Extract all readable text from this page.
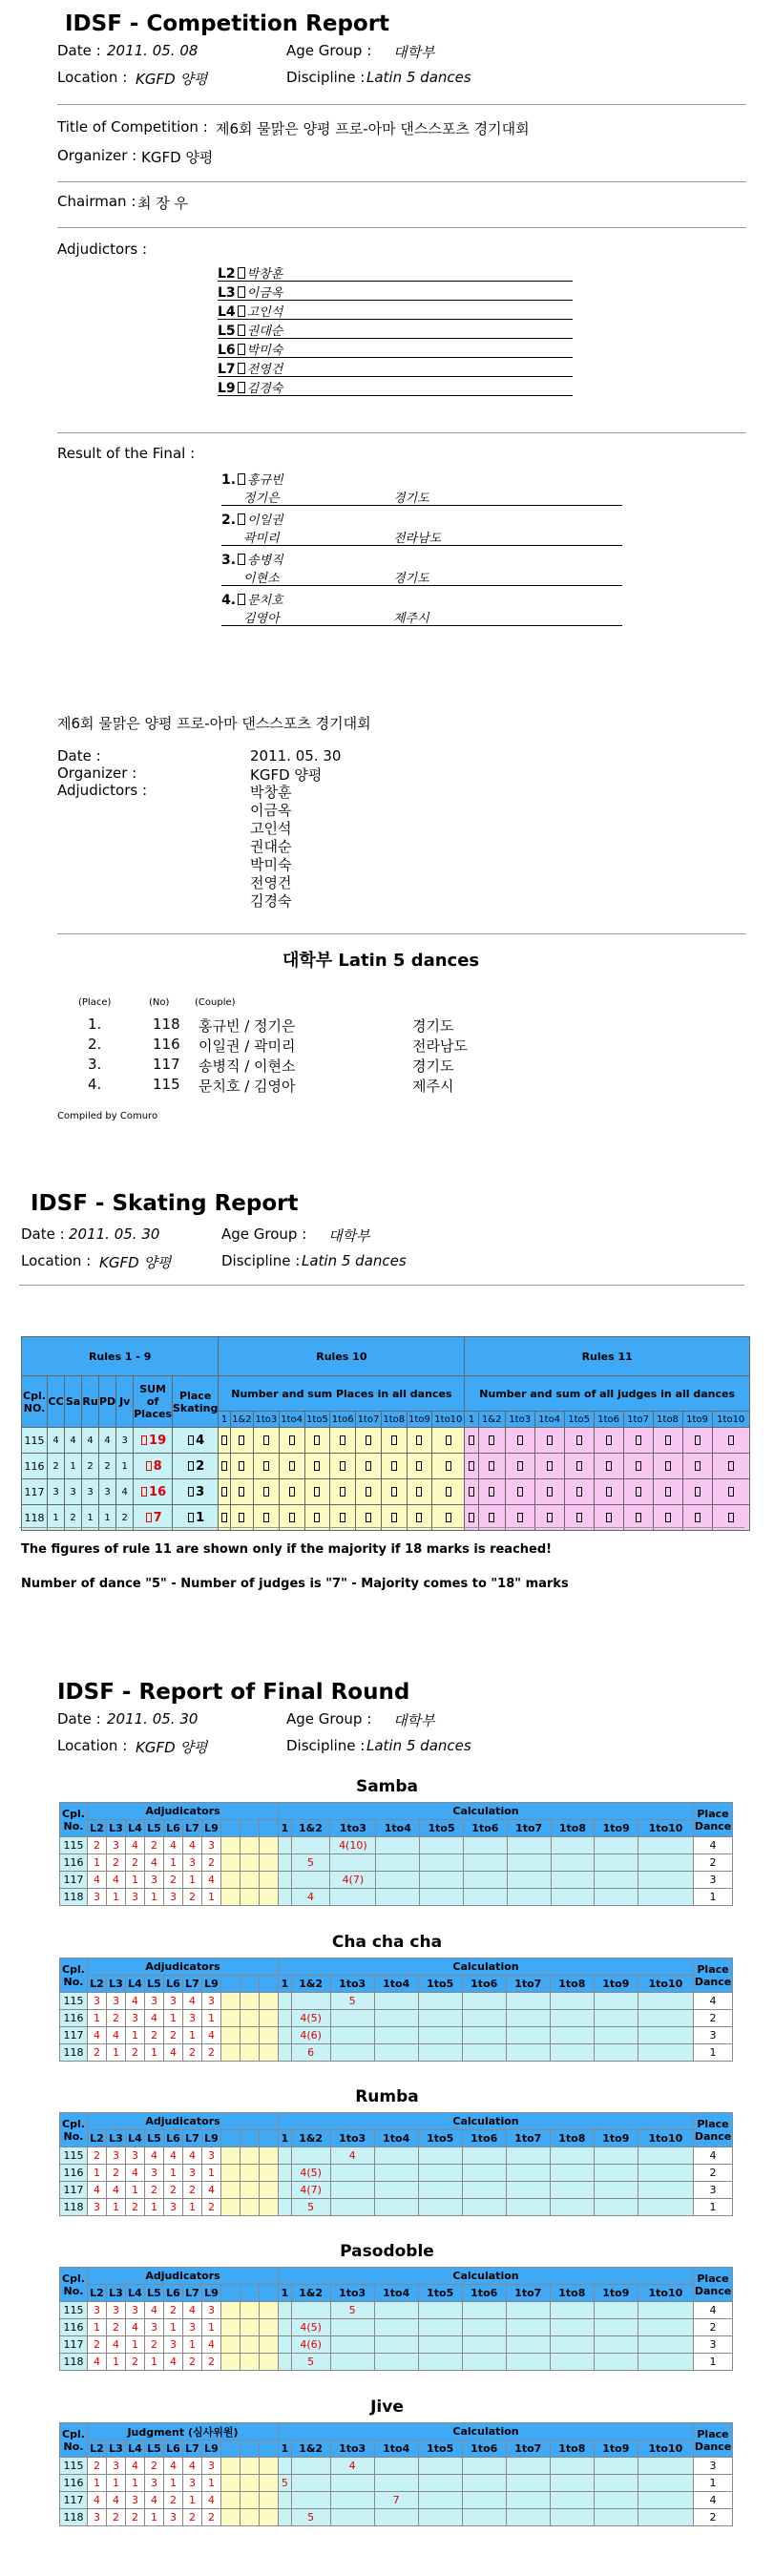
IDSF - Competition Report
Date : 2011. 05. 08	Age Group : 대학부
Location : KGFD 양평	Discipline : Latin 5 dances
Title of Competition : 제6회 물맑은 양평 프로-아마 댄스스포츠 경기대회
Organizer : KGFD 양평
Chairman : 최 장 우
Adjudictors :
L2 박창훈
L3 이금옥
L4 고인석
L5 권대순
L6 박미숙
L7 전영건
L9 김경숙
Result of the Final :
1. 홍규빈
정기은	경기도
2. 이일권
곽미리	전라남도
3. 송병직
이현소	경기도
4. 문치호
김영아	제주시
제6회 물맑은 양평 프로-아마 댄스스포츠 경기대회
Date :	2011. 05. 30
Organizer :	KGFD 양평
Adjudictors :	박창훈
이금옥
고인석
권대순
박미숙
전영건
김경숙
대학부 Latin 5 dances
(Place)	(No)	(Couple)
1.	118 홍규빈 / 정기은	경기도
2.	116 이일권 / 곽미리	전라남도
3.	117 송병직 / 이현소	경기도
4.	115 문치호 / 김영아	제주시
Compiled by Comuro
IDSF - Skating Report
Date : 2011. 05. 30	Age Group : 대학부
Location : KGFD 양평	Discipline : Latin 5 dances
Rules 1 - 9								Rules 10										Rules 11									
Cpl. NO.	CC	Sa	Ru	PD	Jv	SUM of Places	Place Skating	Number and sum Places in all dances										Number and sum of all judges in all dances									
								1	1&2	1to3	1to4	1to5	1to6	1to7	1to8	1to9	1to10	1	1&2	1to3	1to4	1to5	1to6	1to7	1to8	1to9	1to10
115	4	4	4	4	3	19	4																				
116	2	1	2	2	1	8	2																				
117	3	3	3	3	4	16	3																				
118	1	2	1	1	2	7	1																				
The figures of rule 11 are shown only if the majority if 18 marks is reached!
Number of dance "5" - Number of judges is "7" - Majority comes to "18" marks
IDSF - Report of Final Round
Date : 2011. 05. 30	Age Group : 대학부
Location : KGFD 양평	Discipline : Latin 5 dances
Samba
Cpl. No.	Adjudicators										Calculation										Place Dance
	L2	L3	L4	L5	L6	L7	L9				1	1&2	1to3	1to4	1to5	1to6	1to7	1to8	1to9	1to10	
115	2	3	4	2	4	4	3						4(10)								4
116	1	2	2	4	1	3	2					5									2
117	4	4	1	3	2	1	4						4(7)								3
118	3	1	3	1	3	2	1					4									1
Cha cha cha
Cpl. No.	Adjudicators										Calculation										Place Dance
	L2	L3	L4	L5	L6	L7	L9				1	1&2	1to3	1to4	1to5	1to6	1to7	1to8	1to9	1to10	
115	3	3	4	3	3	4	3						5								4
116	1	2	3	4	1	3	1					4(5)									2
117	4	4	1	2	2	1	4					4(6)									3
118	2	1	2	1	4	2	2					6									1
Rumba
Cpl. No.	Adjudicators										Calculation										Place Dance
	L2	L3	L4	L5	L6	L7	L9				1	1&2	1to3	1to4	1to5	1to6	1to7	1to8	1to9	1to10	
115	2	3	3	4	4	4	3						4								4
116	1	2	4	3	1	3	1					4(5)									2
117	4	4	1	2	2	2	4					4(7)									3
118	3	1	2	1	3	1	2					5									1
Pasodoble
Cpl. No.	Adjudicators										Calculation										Place Dance
	L2	L3	L4	L5	L6	L7	L9				1	1&2	1to3	1to4	1to5	1to6	1to7	1to8	1to9	1to10	
115	3	3	3	4	2	4	3						5								4
116	1	2	4	3	1	3	1					4(5)									2
117	2	4	1	2	3	1	4					4(6)									3
118	4	1	2	1	4	2	2					5									1
Jive
Cpl. No.	Judgment (심사위원)										Calculation										Place Dance
	L2	L3	L4	L5	L6	L7	L9				1	1&2	1to3	1to4	1to5	1to6	1to7	1to8	1to9	1to10	
115	2	3	4	2	4	4	3						4								3
116	1	1	1	3	1	3	1				5										1
117	4	4	3	4	2	1	4							7							4
118	3	2	2	1	3	2	2					5									2
